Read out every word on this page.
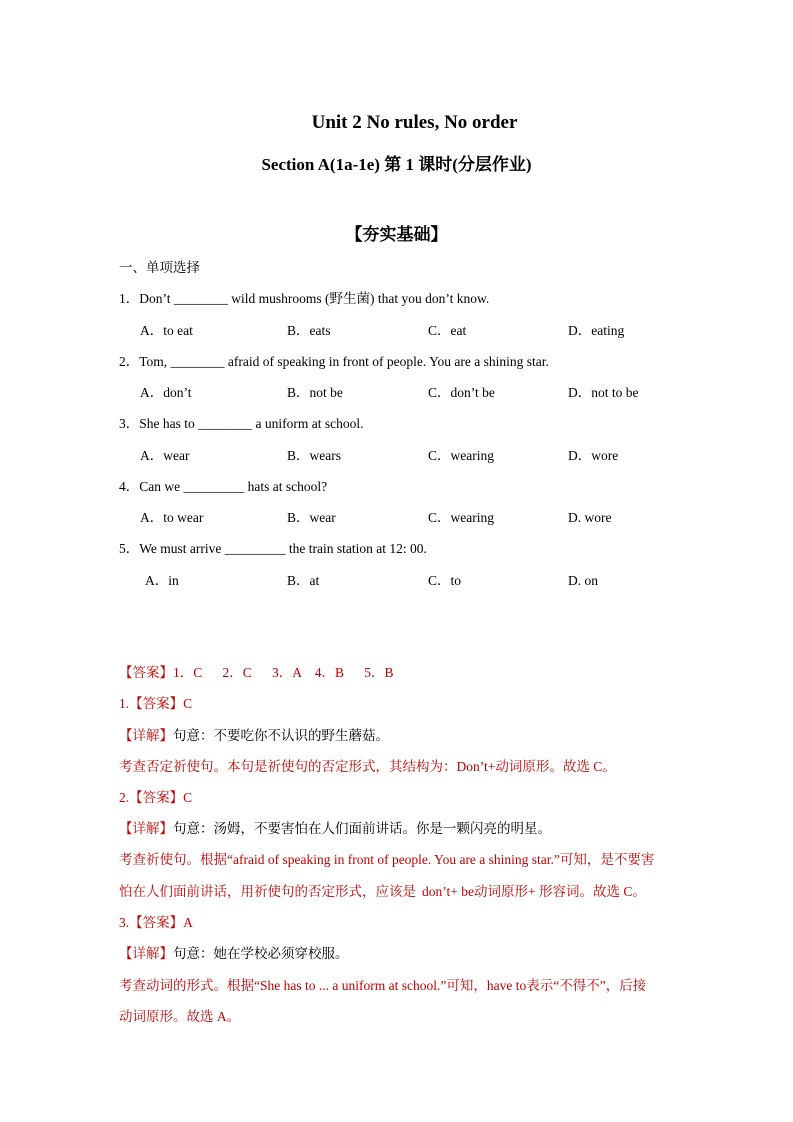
Unit 2 No rules, No order
Section A(1a-1e) 第 1 课时(分层作业)
【夯实基础】
一、单项选择
1．Don’t ________ wild mushrooms (野生菌) that you don’t know.
A．to eat	B．eats	C．eat	D．eating
2．Tom, ________ afraid of speaking in front of people. You are a shining star.
A．don’t	B．not be	C．don’t be	D．not to be
3．She has to ________ a uniform at school.
A．wear	B．wears	C．wearing	D．wore
4．Can we _________ hats at school?
A．to wear	B．wear	C．wearing	D. wore
5．We must arrive _________ the train station at 12: 00.
A．in	B．at	C．to	D. on
【答案】1．C      2．C      3．A    4．B      5．B
1.【答案】C
【详解】句意：不要吃你不认识的野生蘑菇。
考查否定祈使句。本句是祈使句的否定形式，其结构为：Don’t+动词原形。故选 C。
2.【答案】C
【详解】句意：汤姆，不要害怕在人们面前讲话。你是一颗闪亮的明星。
考查祈使句。根据“afraid of speaking in front of people. You are a shining star.”可知，是不要害
怕在人们面前讲话，用祈使句的否定形式，应该是 don’t+ be动词原形+ 形容词。故选 C。
3.【答案】A
【详解】句意：她在学校必须穿校服。
考查动词的形式。根据“She has to ... a uniform at school.”可知，have to表示“不得不”，后接
动词原形。故选 A。
